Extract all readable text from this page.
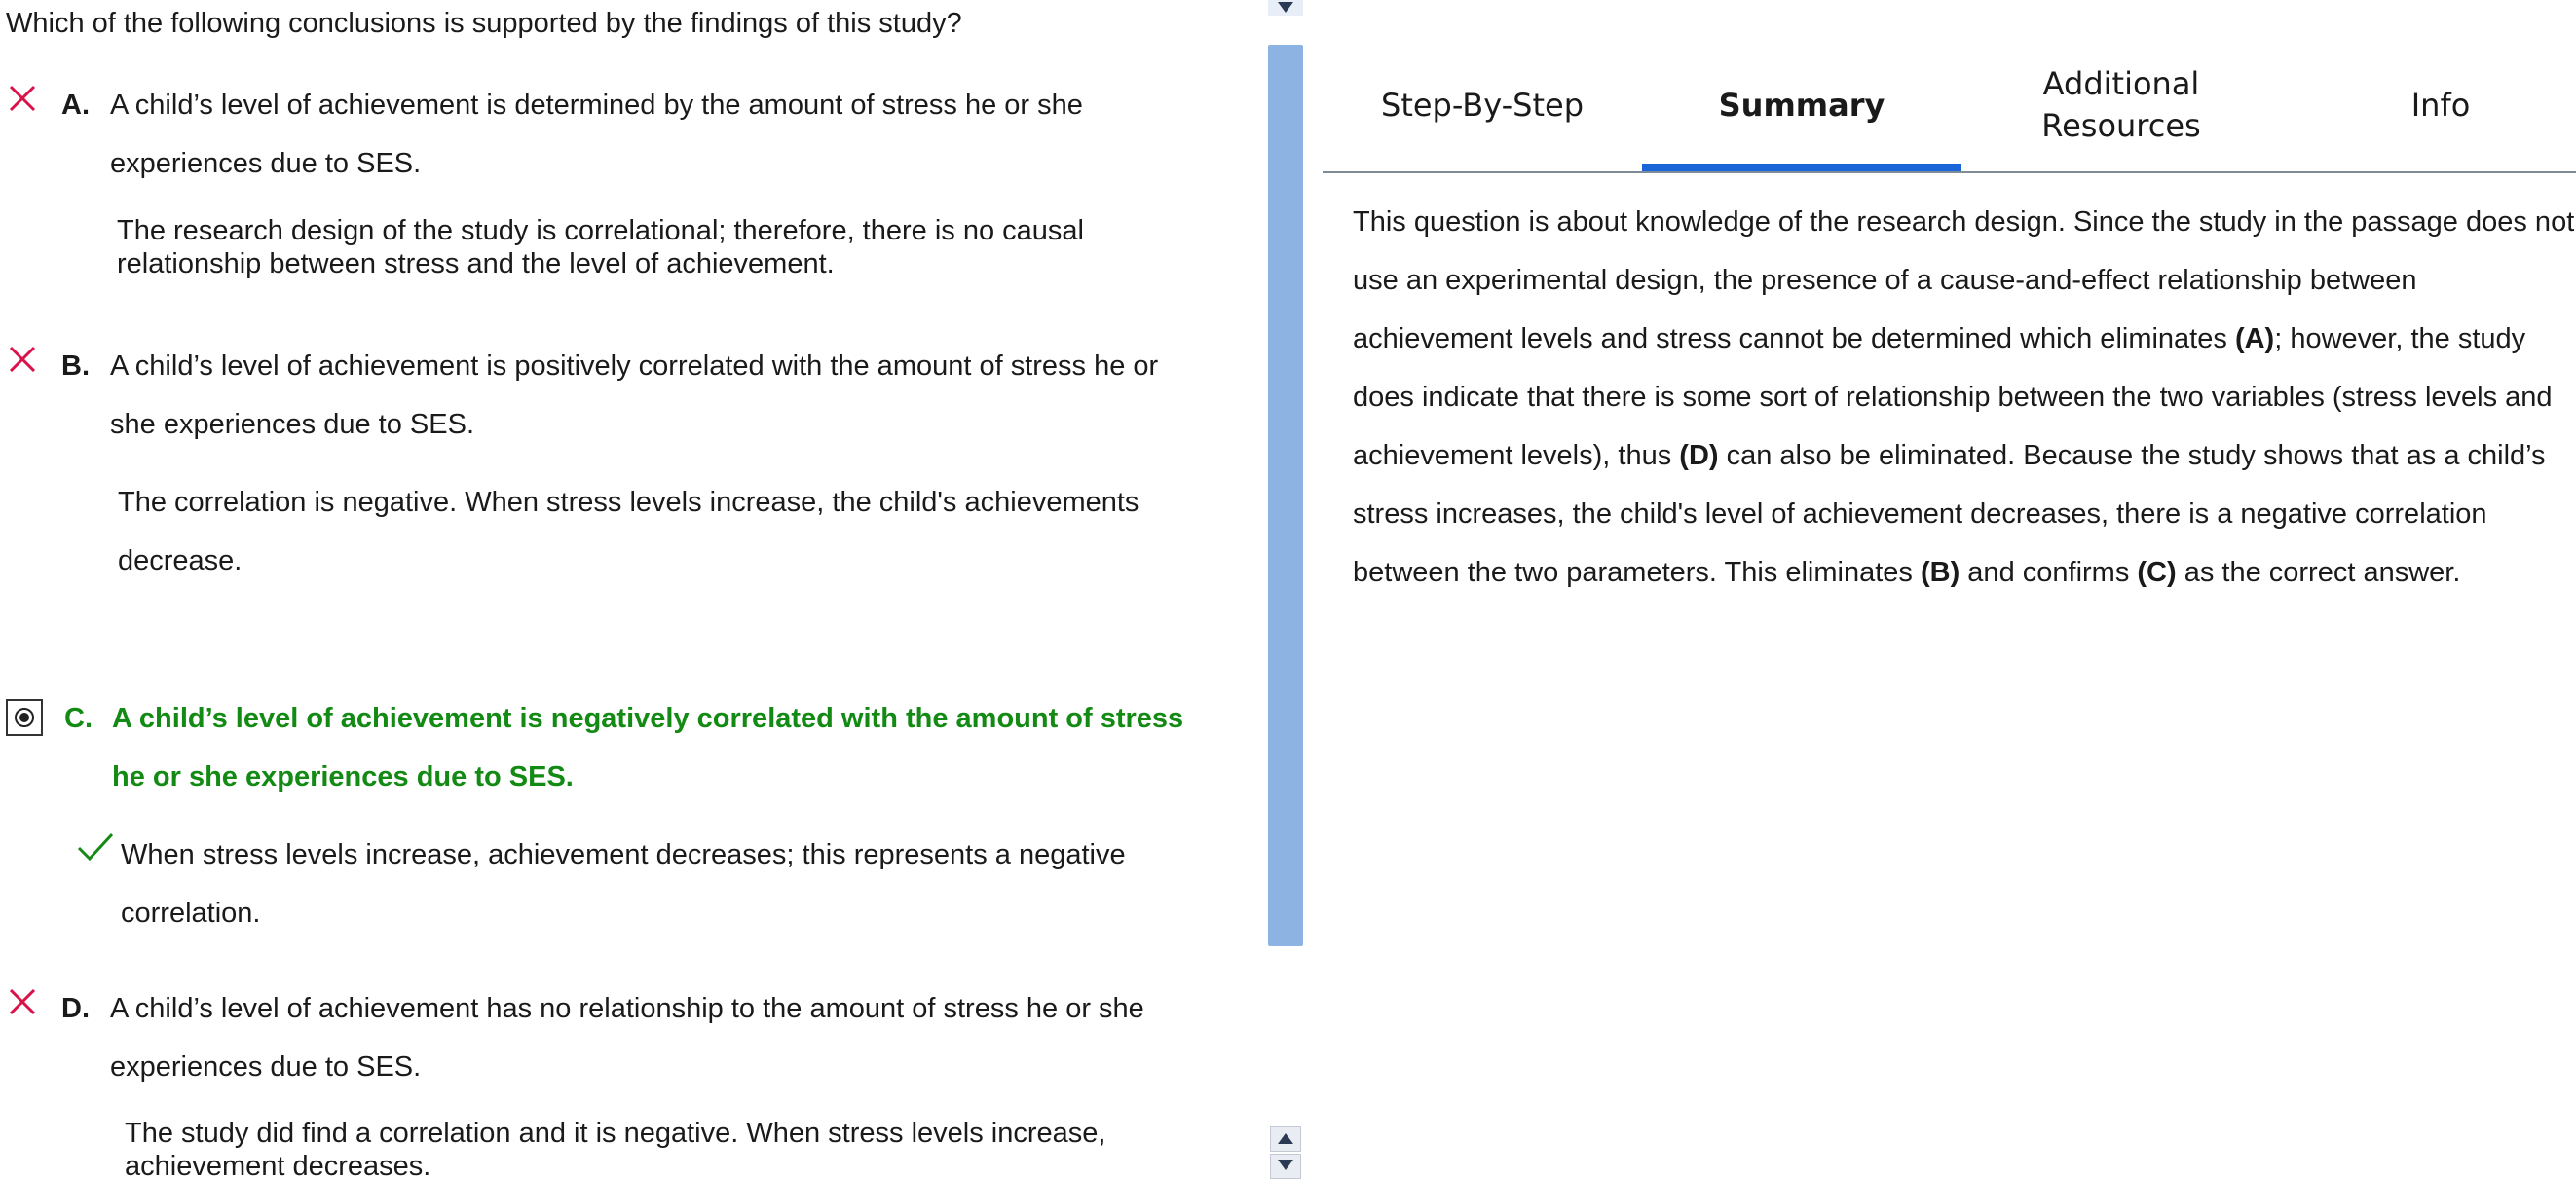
Which of the following conclusions is supported by the findings of this study?
A. A child’s level of achievement is determined by the amount of stress he or she
experiences due to SES.
The research design of the study is correlational; therefore, there is no causal
relationship between stress and the level of achievement.
B. A child’s level of achievement is positively correlated with the amount of stress he or
she experiences due to SES.
The correlation is negative. When stress levels increase, the child's achievements
decrease.
C. A child’s level of achievement is negatively correlated with the amount of stress
he or she experiences due to SES.
When stress levels increase, achievement decreases; this represents a negative
correlation.
D. A child’s level of achievement has no relationship to the amount of stress he or she
experiences due to SES.
The study did find a correlation and it is negative. When stress levels increase,
achievement decreases.
Step-By-Step	Summary
Additional
Resources
Info
This question is about knowledge of the research design. Since the study in the passage does not use an experimental design, the presence of a cause-and-effect relationship between achievement levels and stress cannot be determined which eliminates (A); however, the study does indicate that there is some sort of relationship between the two variables (stress levels and achievement levels), thus (D) can also be eliminated. Because the study shows that as a child’s stress increases, the child's level of achievement decreases, there is a negative correlation between the two parameters. This eliminates (B) and confirms (C) as the correct answer.
